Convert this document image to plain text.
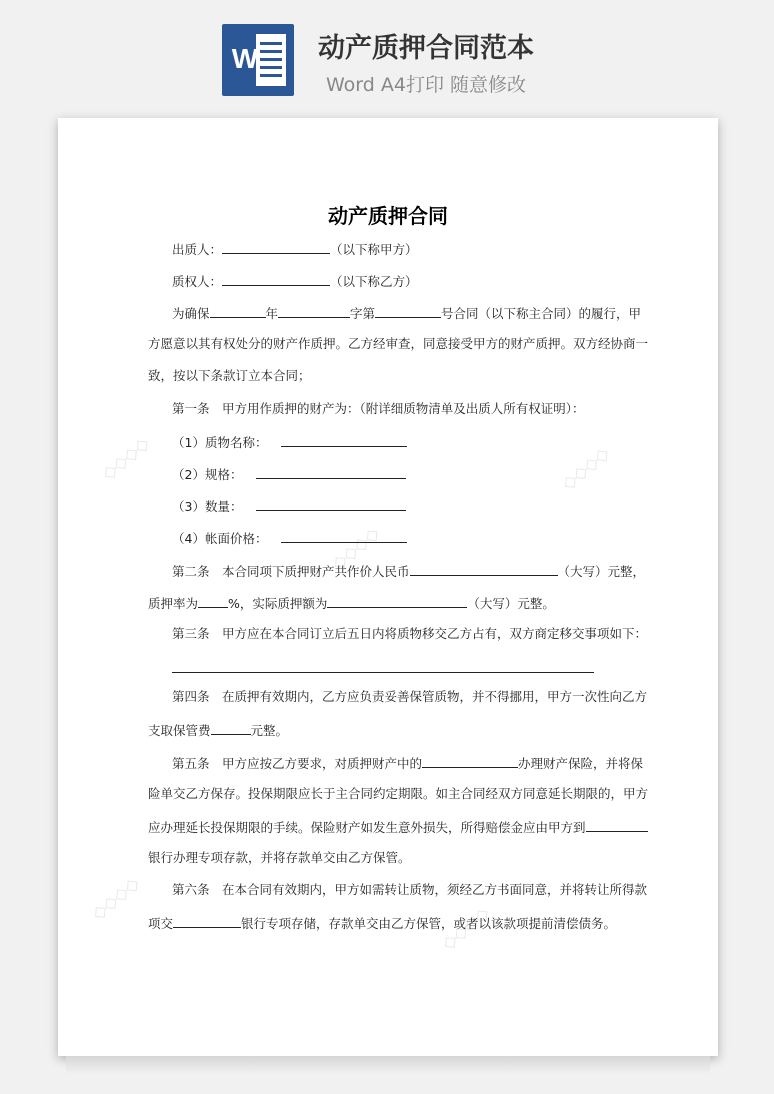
W 动产质押合同范本
Word A4打印 随意修改
◇◇◇◇	◇◇◇◇
◇◇◇◇
◇◇◇◇
◇◇◇◇
动产质押合同
出质人：	（以下称甲方）
质权人：	（以下称乙方）
为确保	年	字第	号合同（以下称主合同）的履行，甲
方愿意以其有权处分的财产作质押。乙方经审查，同意接受甲方的财产质押。双方经协商一
致，按以下条款订立本合同；
第一条　甲方用作质押的财产为：（附详细质物清单及出质人所有权证明）：
（1）质物名称：
（2）规格：
（3）数量：
（4）帐面价格：
第二条　本合同项下质押财产共作价人民币	（大写）元整，
质押率为 %，实际质押额为	（大写）元整。
第三条　甲方应在本合同订立后五日内将质物移交乙方占有，双方商定移交事项如下：
第四条　在质押有效期内，乙方应负责妥善保管质物，并不得挪用，甲方一次性向乙方
支取保管费	元整。
第五条　甲方应按乙方要求，对质押财产中的	办理财产保险，并将保
险单交乙方保存。投保期限应长于主合同约定期限。如主合同经双方同意延长期限的，甲方
应办理延长投保期限的手续。保险财产如发生意外损失，所得赔偿金应由甲方到
银行办理专项存款，并将存款单交由乙方保管。
第六条　在本合同有效期内，甲方如需转让质物，须经乙方书面同意，并将转让所得款
项交	银行专项存储，存款单交由乙方保管，或者以该款项提前清偿债务。
